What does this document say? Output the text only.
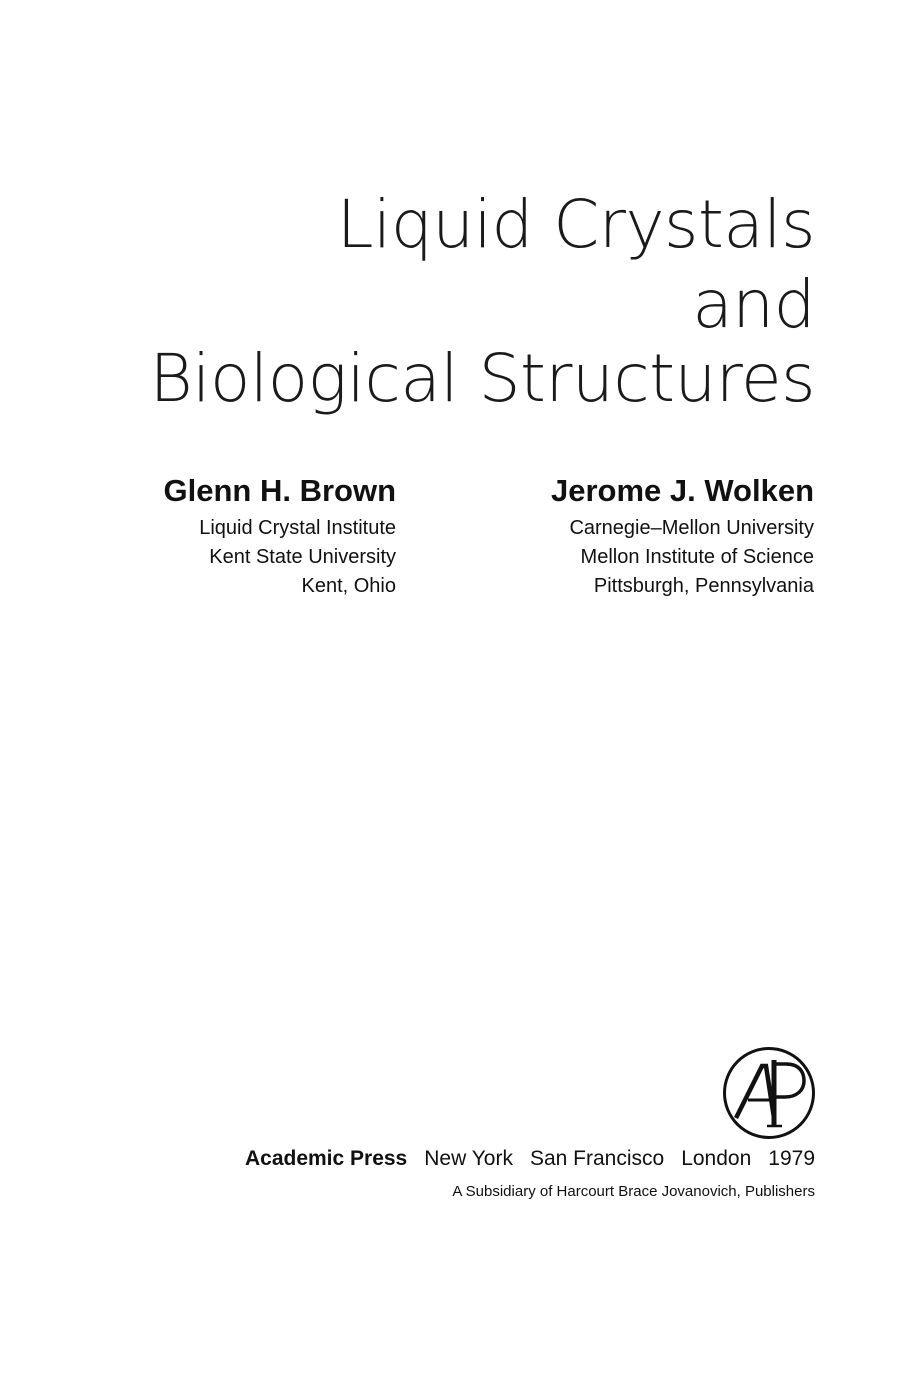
Liquid Crystals
and
Biological Structures
Glenn H. Brown
Liquid Crystal Institute
Kent State University
Kent, Ohio
Jerome J. Wolken
Carnegie–Mellon University
Mellon Institute of Science
Pittsburgh, Pennsylvania
Academic Press New York San Francisco London 1979
A Subsidiary of Harcourt Brace Jovanovich, Publishers
